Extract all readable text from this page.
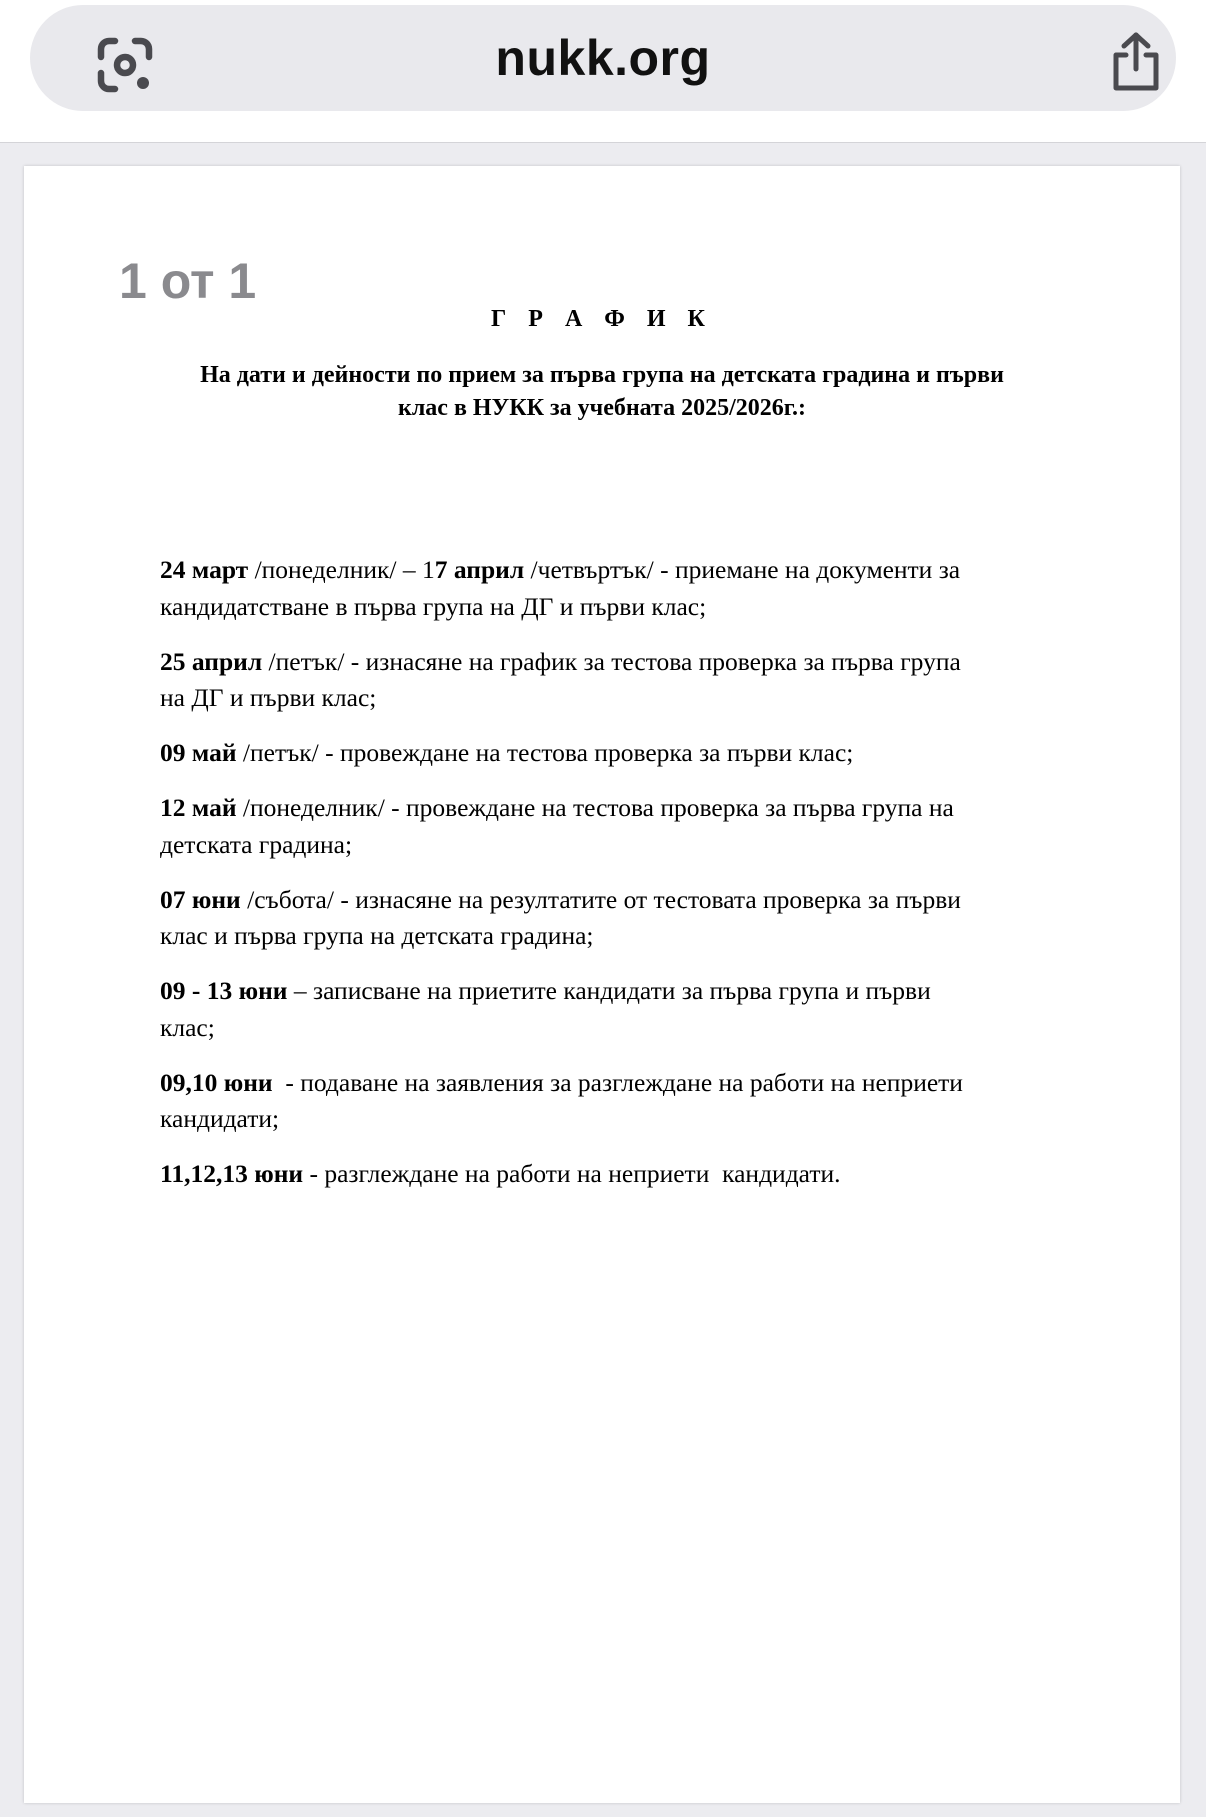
nukk.org
Г Р А Ф И К
На дати и дейности по прием за първа група на детската градина и първи
клас в НУКК за учебната 2025/2026г.:
24 март /понеделник/ – 17 април /четвъртък/ - приемане на документи за
кандидатстване в първа група на ДГ и първи клас;
25 април /петък/ - изнасяне на график за тестова проверка за първа група
на ДГ и първи клас;
09 май /петък/ - провеждане на тестова проверка за първи клас;
12 май /понеделник/ - провеждане на тестова проверка за първа група на
детската градина;
07 юни /събота/ - изнасяне на резултатите от тестовата проверка за първи
клас и първа група на детската градина;
09 - 13 юни – записване на приетите кандидати за първа група и първи
клас;
09,10 юни  - подаване на заявления за разглеждане на работи на неприети
кандидати;
11,12,13 юни - разглеждане на работи на неприети  кандидати.
1 от 1
